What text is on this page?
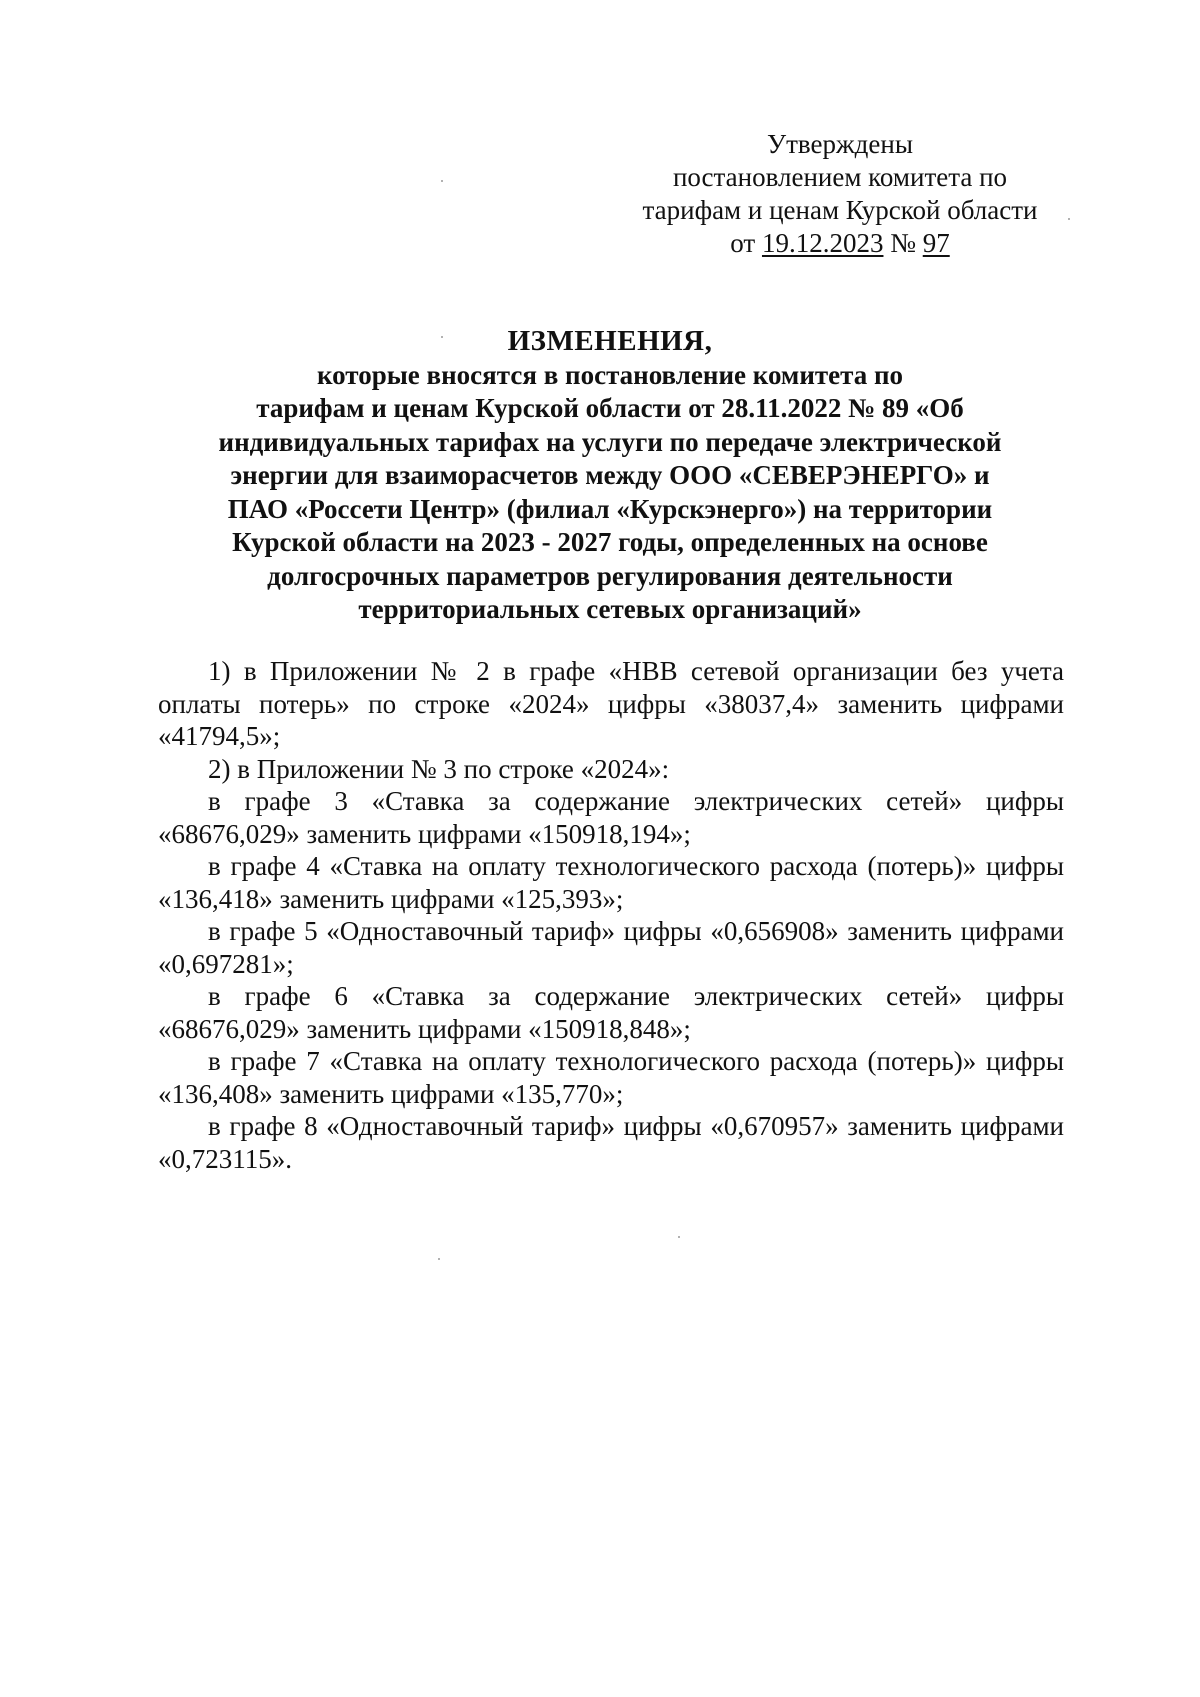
Утверждены
постановлением комитета по
тарифам и ценам Курской области
от 19.12.2023 № 97
ИЗМЕНЕНИЯ,
которые вносятся в постановление комитета по
тарифам и ценам Курской области от 28.11.2022 № 89 «Об
индивидуальных тарифах на услуги по передаче электрической
энергии для взаиморасчетов между ООО «СЕВЕРЭНЕРГО» и
ПАО «Россети Центр» (филиал «Курскэнерго») на территории
Курской области на 2023 - 2027 годы, определенных на основе
долгосрочных параметров регулирования деятельности
территориальных сетевых организаций»

1) в Приложении № 2 в графе «НВВ сетевой организации без учета оплаты потерь» по строке «2024» цифры «38037,4» заменить цифрами «41794,5»;

2) в Приложении № 3 по строке «2024»:

в графе 3 «Ставка за содержание электрических сетей» цифры «68676,029» заменить цифрами «150918,194»;

в графе 4 «Ставка на оплату технологического расхода (потерь)» цифры «136,418» заменить цифрами «125,393»;

в графе 5 «Одноставочный тариф» цифры «0,656908» заменить цифрами «0,697281»;

в графе 6 «Ставка за содержание электрических сетей» цифры «68676,029» заменить цифрами «150918,848»;

в графе 7 «Ставка на оплату технологического расхода (потерь)» цифры «136,408» заменить цифрами «135,770»;

в графе 8 «Одноставочный тариф» цифры «0,670957» заменить цифрами «0,723115».
